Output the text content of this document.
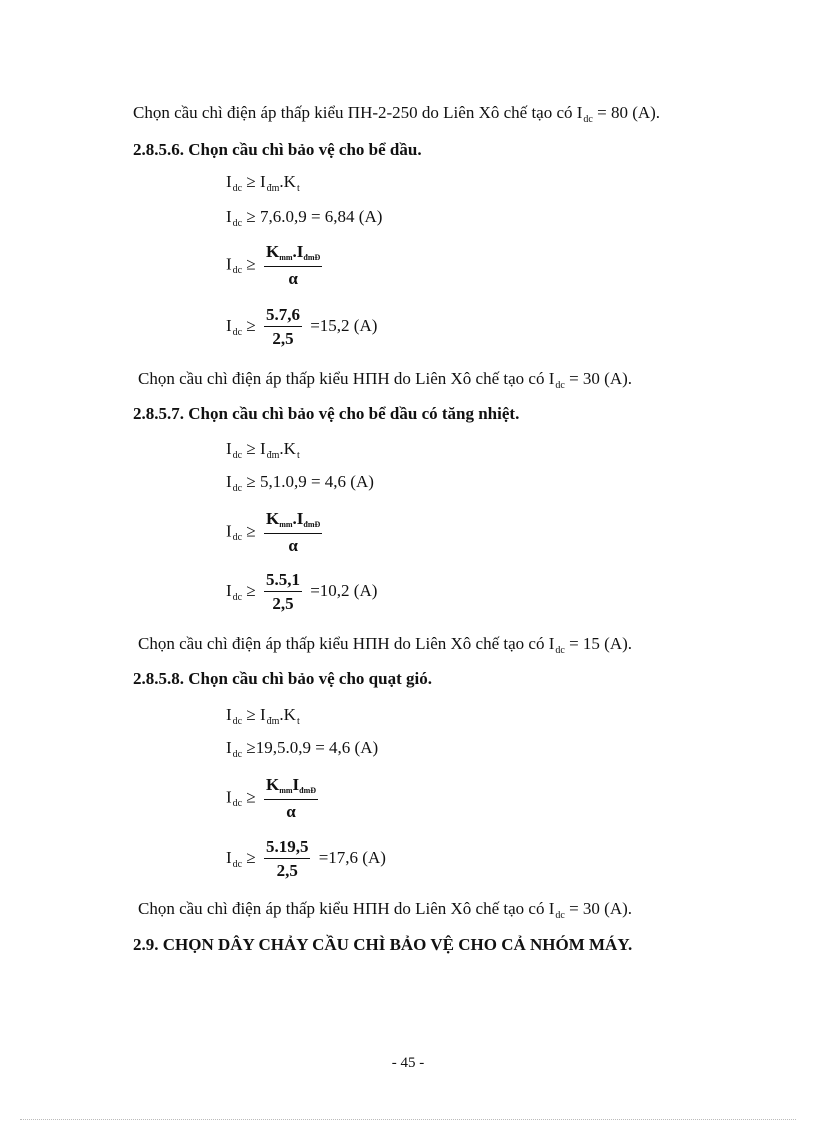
Chọn cầu chì điện áp thấp kiểu ПН-2-250 do Liên Xô chế tạo có $I_{dc} = 80$ (A).
2.8.5.6. Chọn cầu chì bảo vệ cho bể dầu.
$I_{dc} \ge I_{đm}.K_t$
$I_{dc} \ge 7,6.0,9 = 6,84$ (A)
$I_{dc} \ge \frac{\text{Kmm.IđmĐ}}{\alpha}$
$I_{dc} \ge \frac{5.7,6}{2,5} =15,2$ (A)
Chọn cầu chì điện áp thấp kiểu НПН do Liên Xô chế tạo có $I_{dc} = 30$ (A).
2.8.5.7. Chọn cầu chì bảo vệ cho bể dầu có tăng nhiệt.
$I_{dc} \ge I_{đm}.K_t$
$I_{dc} \ge 5,1.0,9 = 4,6$ (A)
$I_{dc} \ge \frac{\text{Kmm.IđmĐ}}{\alpha}$
$I_{dc} \ge \frac{5.5,1}{2,5} =10,2$ (A)
Chọn cầu chì điện áp thấp kiểu НПН do Liên Xô chế tạo có $I_{dc} = 15$ (A).
2.8.5.8. Chọn cầu chì bảo vệ cho quạt gió.
$I_{dc} \ge I_{đm}.K_t$
$I_{dc} \ge 19,5.0,9 = 4,6$ (A)
$I_{dc} \ge \frac{\text{KmmIđmĐ}}{\alpha}$
$I_{dc} \ge \frac{5.19,5}{2,5} =17,6$ (A)
Chọn cầu chì điện áp thấp kiểu НПН do Liên Xô chế tạo có $I_{dc} = 30$ (A).
2.9. CHỌN DÂY CHẢY CẦU CHÌ BẢO VỆ CHO CẢ NHÓM MÁY.
- 45 -
